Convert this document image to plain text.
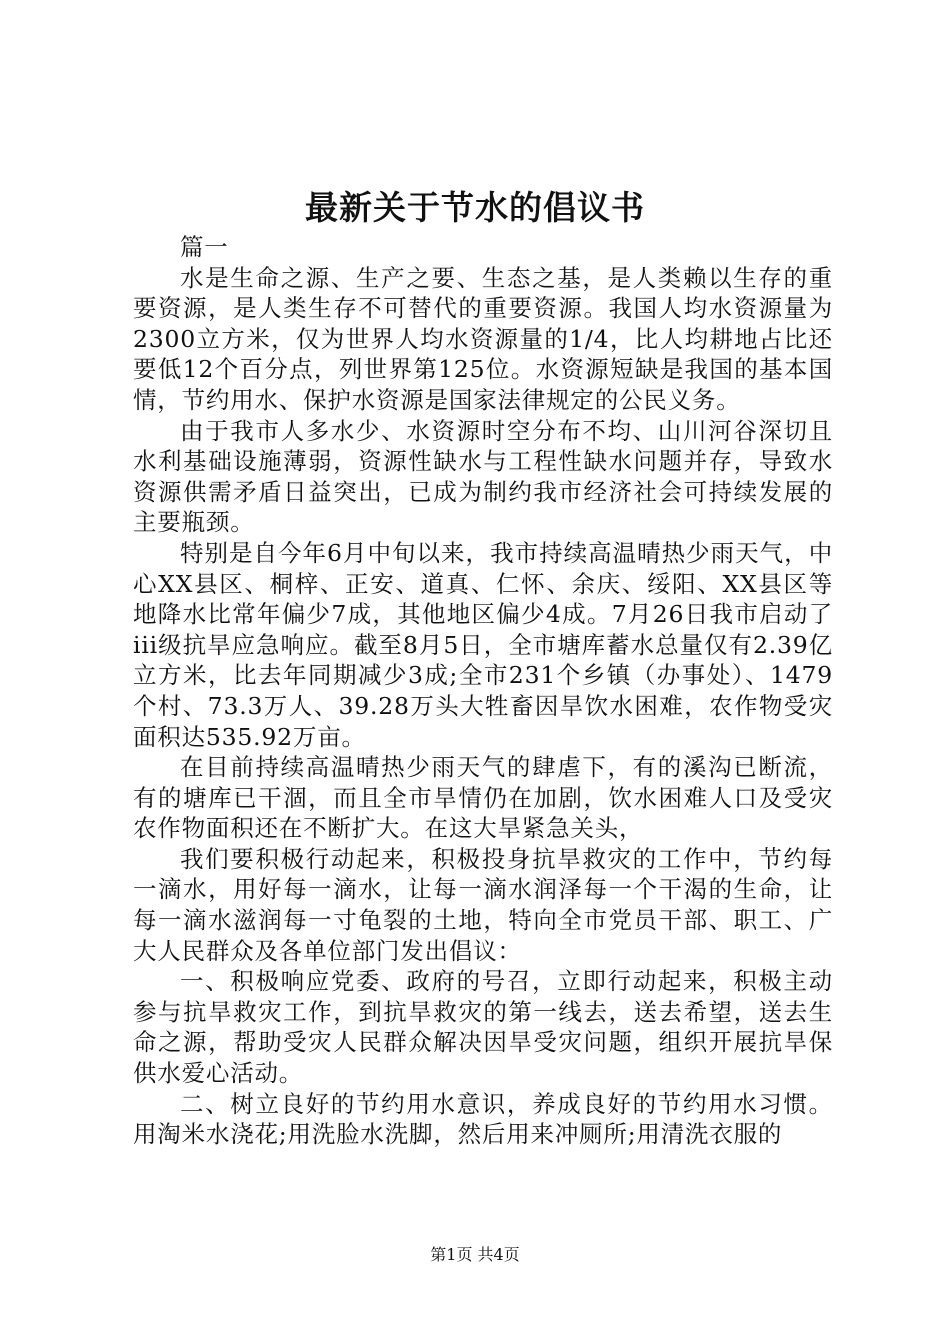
最新关于节水的倡议书

篇一

水是生命之源、生产之要、生态之基，是人类赖以生存的重要资源，是人类生存不可替代的重要资源。我国人均水资源量为2300立方米，仅为世界人均水资源量的1/4，比人均耕地占比还要低12个百分点，列世界第125位。水资源短缺是我国的基本国情，节约用水、保护水资源是国家法律规定的公民义务。

由于我市人多水少、水资源时空分布不均、山川河谷深切且水利基础设施薄弱，资源性缺水与工程性缺水问题并存，导致水资源供需矛盾日益突出，已成为制约我市经济社会可持续发展的主要瓶颈。

特别是自今年6月中旬以来，我市持续高温晴热少雨天气，中心XX县区、桐梓、正安、道真、仁怀、余庆、绥阳、XX县区等地降水比常年偏少7成，其他地区偏少4成。7月26日我市启动了iii级抗旱应急响应。截至8月5日，全市塘库蓄水总量仅有2.39亿立方米，比去年同期减少3成;全市231个乡镇（办事处）、1479个村、73.3万人、39.28万头大牲畜因旱饮水困难，农作物受灾面积达535.92万亩。

在目前持续高温晴热少雨天气的肆虐下，有的溪沟已断流，有的塘库已干涸，而且全市旱情仍在加剧，饮水困难人口及受灾农作物面积还在不断扩大。在这大旱紧急关头，

我们要积极行动起来，积极投身抗旱救灾的工作中，节约每一滴水，用好每一滴水，让每一滴水润泽每一个干渴的生命，让每一滴水滋润每一寸龟裂的土地，特向全市党员干部、职工、广大人民群众及各单位部门发出倡议：

一、积极响应党委、政府的号召，立即行动起来，积极主动参与抗旱救灾工作，到抗旱救灾的第一线去，送去希望，送去生命之源，帮助受灾人民群众解决因旱受灾问题，组织开展抗旱保供水爱心活动。

二、树立良好的节约用水意识，养成良好的节约用水习惯。用淘米水浇花;用洗脸水洗脚，然后用来冲厕所;用清洗衣服的

第1页 共4页
